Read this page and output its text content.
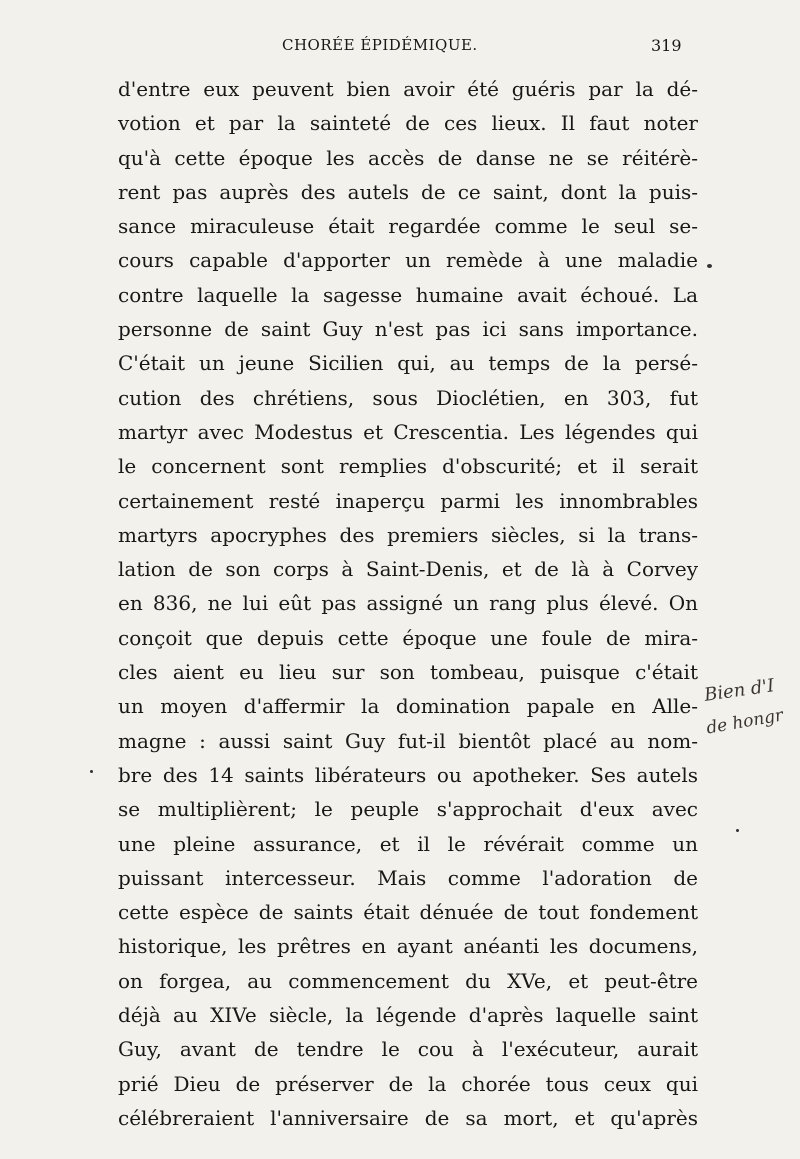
CHORÉE ÉPIDÉMIQUE.	319
d'entre eux peuvent bien avoir été guéris par la dé-
votion et par la sainteté de ces lieux. Il faut noter
qu'à cette époque les accès de danse ne se réitérè-
rent pas auprès des autels de ce saint, dont la puis-
sance miraculeuse était regardée comme le seul se-
cours capable d'apporter un remède à une maladie
contre laquelle la sagesse humaine avait échoué. La
personne de saint Guy n'est pas ici sans importance.
C'était un jeune Sicilien qui, au temps de la persé-
cution des chrétiens, sous Dioclétien, en 303, fut
martyr avec Modestus et Crescentia. Les légendes qui
le concernent sont remplies d'obscurité; et il serait
certainement resté inaperçu parmi les innombrables
martyrs apocryphes des premiers siècles, si la trans-
lation de son corps à Saint-Denis, et de là à Corvey
en 836, ne lui eût pas assigné un rang plus élevé. On
conçoit que depuis cette époque une foule de mira-
cles aient eu lieu sur son tombeau, puisque c'était
un moyen d'affermir la domination papale en Alle-
magne : aussi saint Guy fut-il bientôt placé au nom-
bre des 14 saints libérateurs ou apotheker. Ses autels
se multiplièrent; le peuple s'approchait d'eux avec
une pleine assurance, et il le révérait comme un
puissant intercesseur. Mais comme l'adoration de
cette espèce de saints était dénuée de tout fondement
historique, les prêtres en ayant anéanti les documens,
on forgea, au commencement du XVe, et peut-être
déjà au XIVe siècle, la légende d'après laquelle saint
Guy, avant de tendre le cou à l'exécuteur, aurait
prié Dieu de préserver de la chorée tous ceux qui
célébreraient l'anniversaire de sa mort, et qu'après
Bien d'I
de hongr
